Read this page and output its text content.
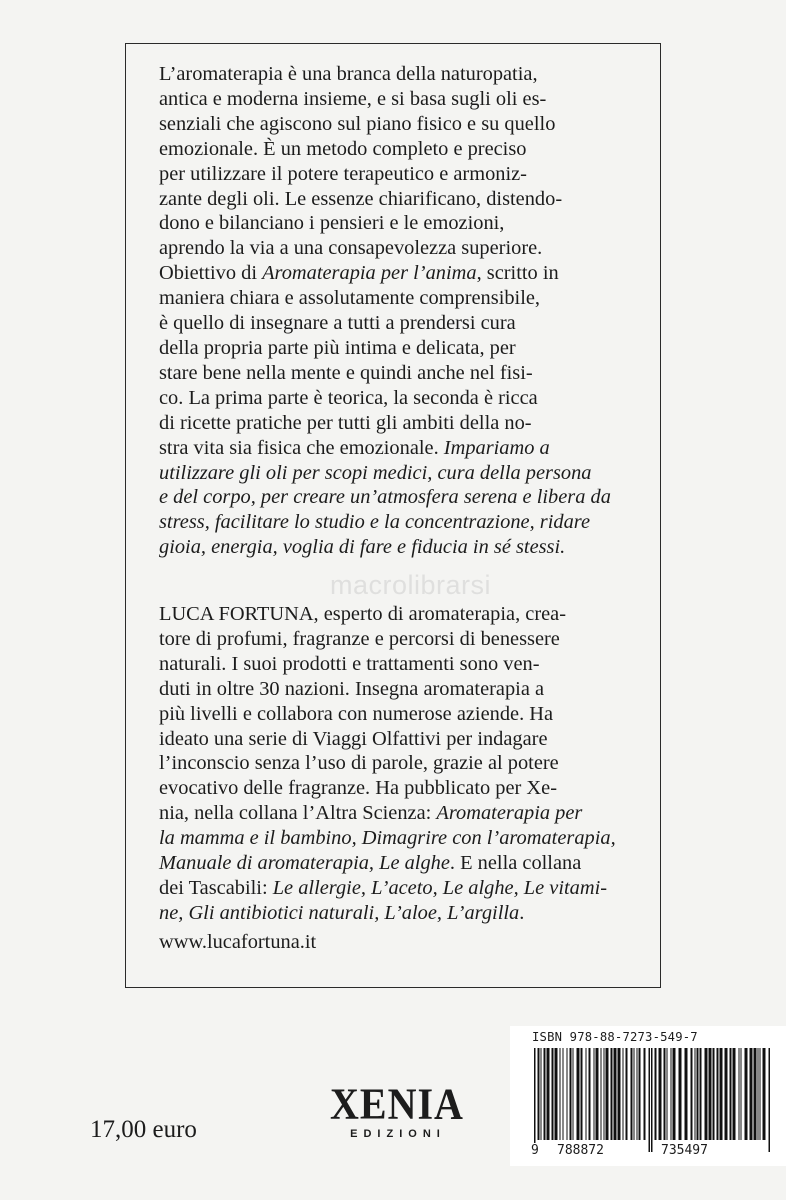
L’aromaterapia è una branca della naturopatia,

antica e moderna insieme, e si basa sugli oli es-

senziali che agiscono sul piano fisico e su quello

emozionale. È un metodo completo e preciso

per utilizzare il potere terapeutico e armoniz-

zante degli oli. Le essenze chiarificano, distendo-

dono e bilanciano i pensieri e le emozioni,

aprendo la via a una consapevolezza superiore.

Obiettivo di Aromaterapia per l’anima, scritto in

maniera chiara e assolutamente comprensibile,

è quello di insegnare a tutti a prendersi cura

della propria parte più intima e delicata, per

stare bene nella mente e quindi anche nel fisi-

co. La prima parte è teorica, la seconda è ricca

di ricette pratiche per tutti gli ambiti della no-

stra vita sia fisica che emozionale. Impariamo a

utilizzare gli oli per scopi medici, cura della persona

e del corpo, per creare un’atmosfera serena e libera da

stress, facilitare lo studio e la concentrazione, ridare

gioia, energia, voglia di fare e fiducia in sé stessi.

macrolibrarsi

LUCA FORTUNA, esperto di aromaterapia, crea-

tore di profumi, fragranze e percorsi di benessere

naturali. I suoi prodotti e trattamenti sono ven-

duti in oltre 30 nazioni. Insegna aromaterapia a

più livelli e collabora con numerose aziende. Ha

ideato una serie di Viaggi Olfattivi per indagare

l’inconscio senza l’uso di parole, grazie al potere

evocativo delle fragranze. Ha pubblicato per Xe-

nia, nella collana l’Altra Scienza: Aromaterapia per

la mamma e il bambino, Dimagrire con l’aromaterapia,

Manuale di aromaterapia, Le alghe. E nella collana

dei Tascabili: Le allergie, L’aceto, Le alghe, Le vitami-

ne, Gli antibiotici naturali, L’aloe, L’argilla.

www.lucafortuna.it
17,00 euro
XENIA
EDIZIONI
ISBN 978-88-7273-549-7
9 788872	735497
